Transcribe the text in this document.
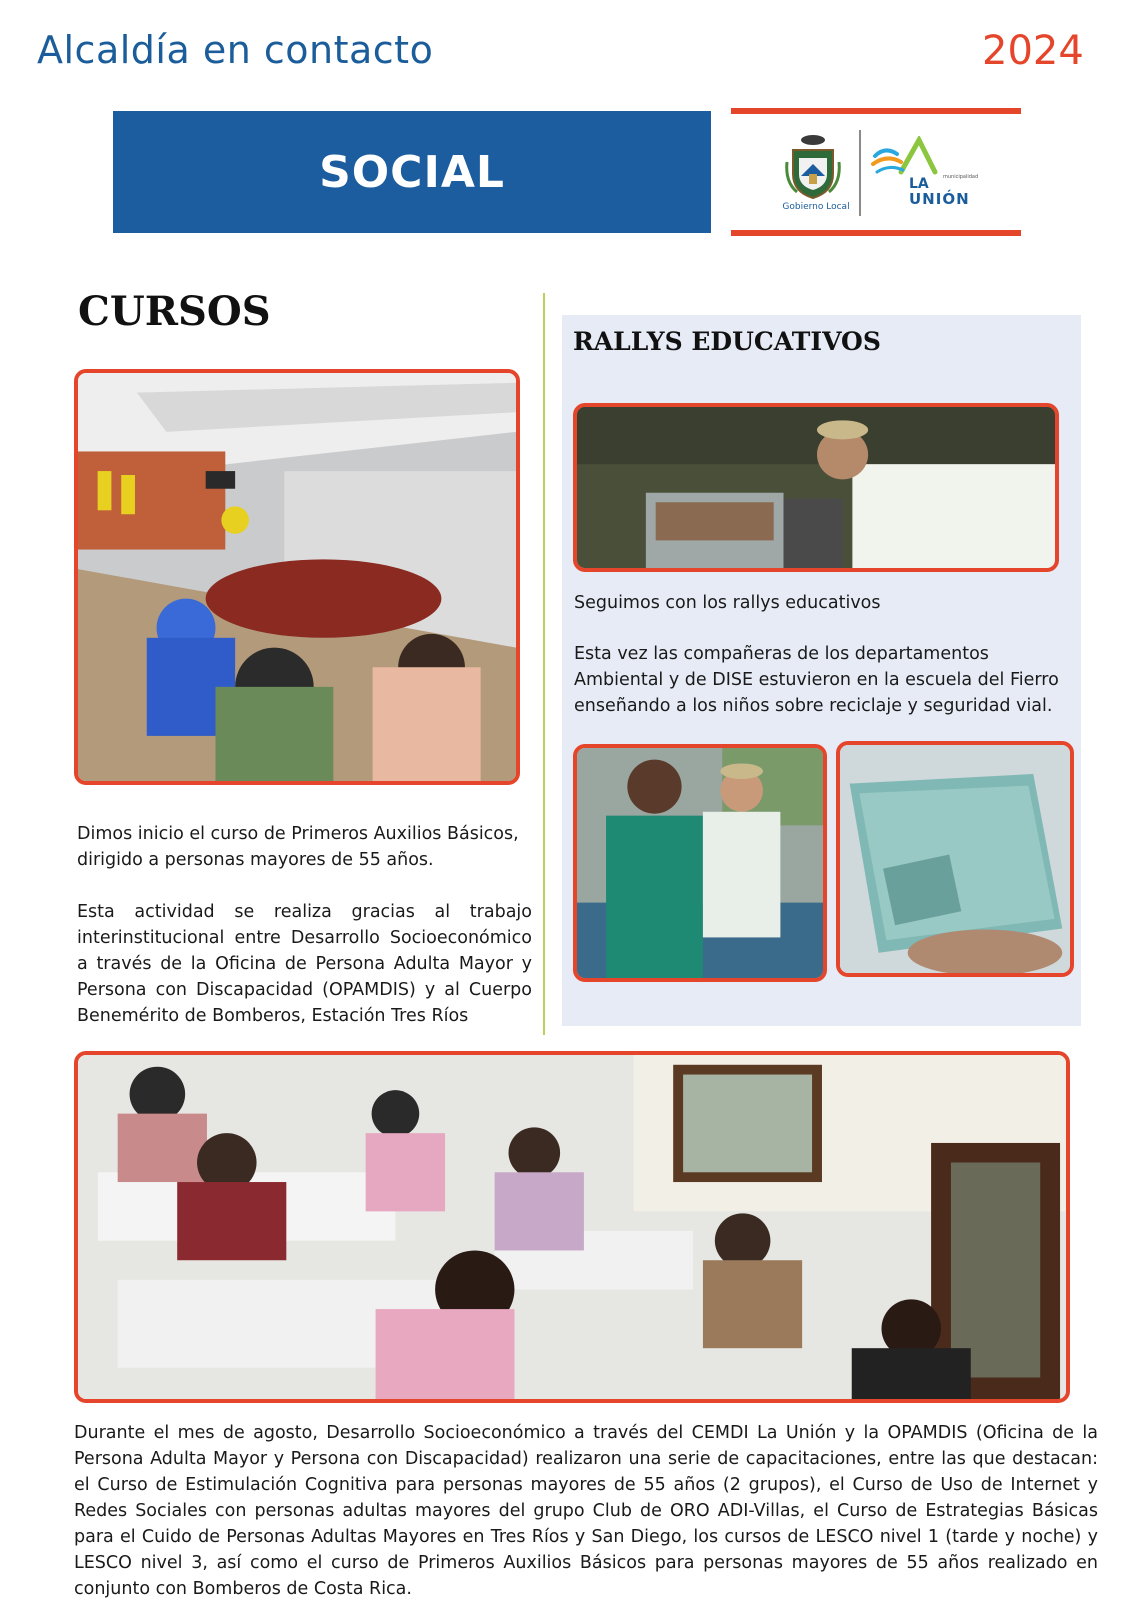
Alcaldía en contacto	2024
SOCIAL
Gobierno Local
LA	municipalidad
UNIÓN
CURSOS

Dimos inicio el curso de Primeros Auxilios Básicos, dirigido a personas mayores de 55 años.

Esta actividad se realiza gracias al trabajo interinstitucional entre Desarrollo Socioeconómico a través de la Oficina de Persona Adulta Mayor y Persona con Discapacidad (OPAMDIS) y al Cuerpo Benemérito de Bomberos, Estación Tres Ríos

RALLYS EDUCATIVOS

Seguimos con los rallys educativos

Esta vez las compañeras de los departamentos Ambiental y de DISE estuvieron en la escuela del Fierro enseñando a los niños sobre reciclaje y seguridad vial.

Durante el mes de agosto, Desarrollo Socioeconómico a través del CEMDI La Unión y la OPAMDIS (Oficina de la Persona Adulta Mayor y Persona con Discapacidad) realizaron una serie de capacitaciones, entre las que destacan: el Curso de Estimulación Cognitiva para personas mayores de 55 años (2 grupos), el Curso de Uso de Internet y Redes Sociales con personas adultas mayores del grupo Club de ORO ADI-Villas, el Curso de Estrategias Básicas para el Cuido de Personas Adultas Mayores en Tres Ríos y San Diego, los cursos de LESCO nivel 1 (tarde y noche) y LESCO nivel 3, así como el curso de Primeros Auxilios Básicos para personas mayores de 55 años realizado en conjunto con Bomberos de Costa Rica.
